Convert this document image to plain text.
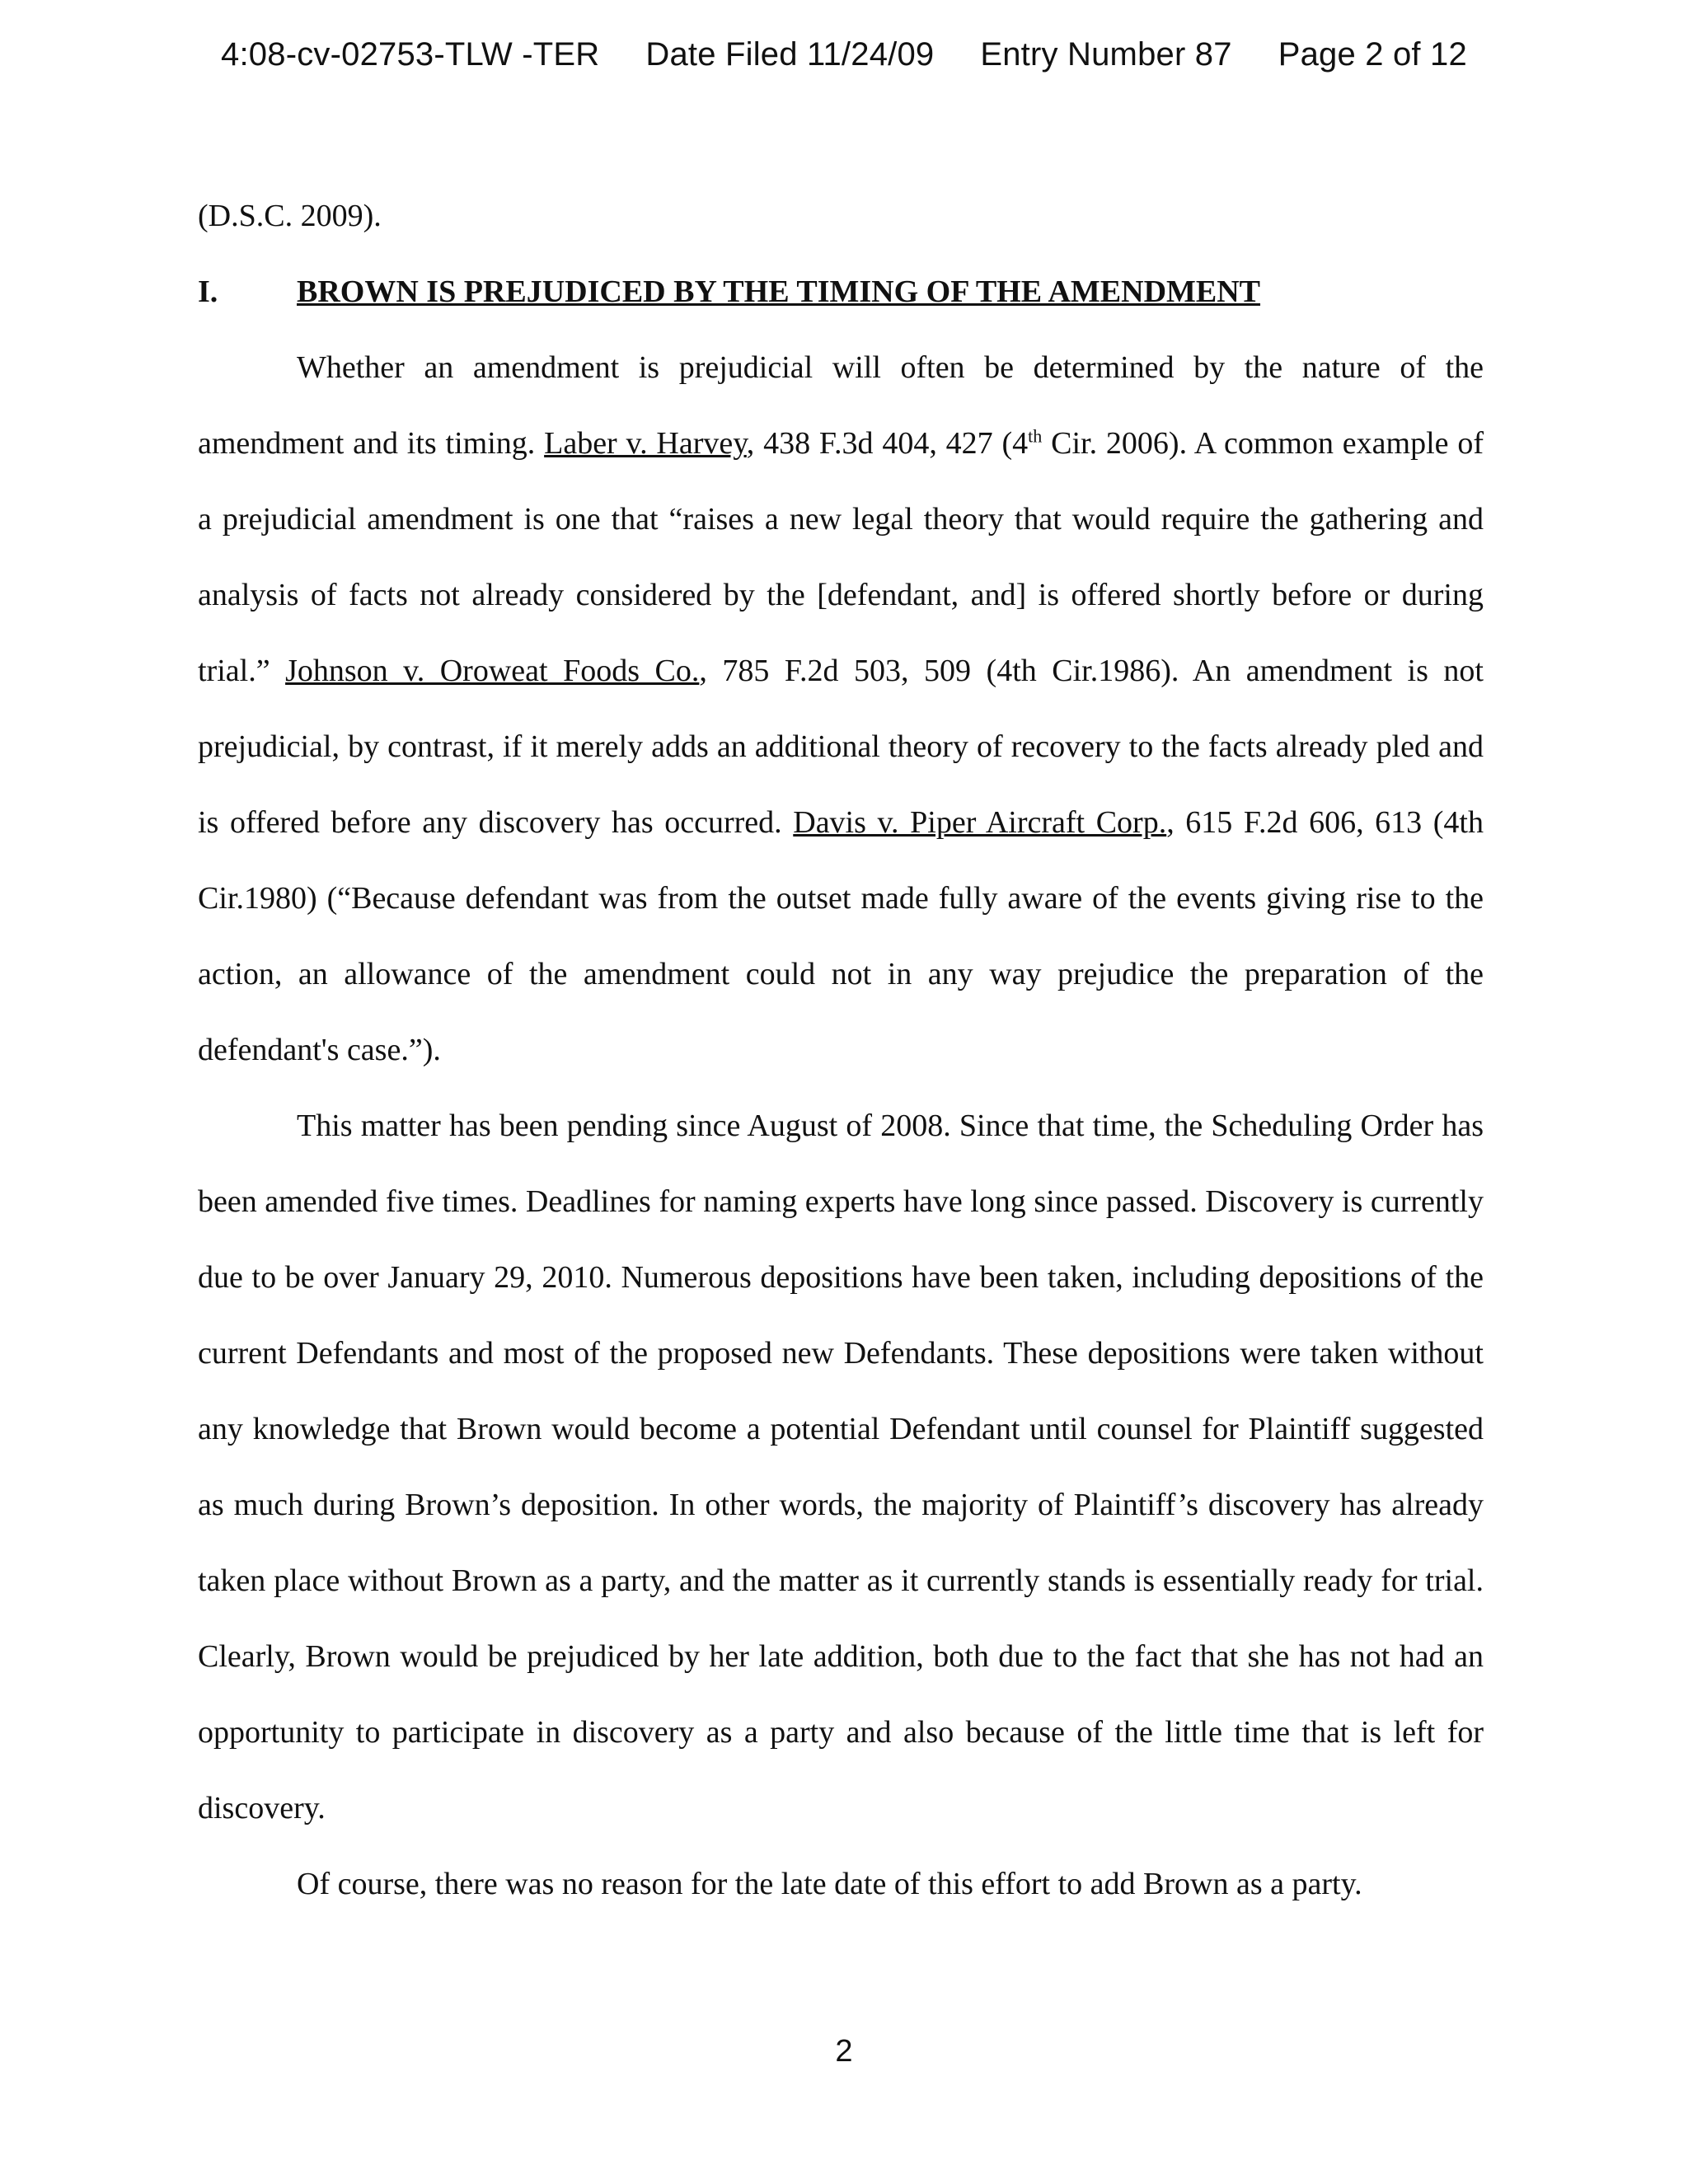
4:08-cv-02753-TLW -TER Date Filed 11/24/09 Entry Number 87 Page 2 of 12

(D.S.C. 2009).

I.	BROWN IS PREJUDICED BY THE TIMING OF THE AMENDMENT

Whether an amendment is prejudicial will often be determined by the nature of the amendment and its timing. Laber v. Harvey, 438 F.3d 404, 427 (4th Cir. 2006). A common example of a prejudicial amendment is one that “raises a new legal theory that would require the gathering and analysis of facts not already considered by the [defendant, and] is offered shortly before or during trial.” Johnson v. Oroweat Foods Co., 785 F.2d 503, 509 (4th Cir.1986). An amendment is not prejudicial, by contrast, if it merely adds an additional theory of recovery to the facts already pled and is offered before any discovery has occurred. Davis v. Piper Aircraft Corp., 615 F.2d 606, 613 (4th Cir.1980) (“Because defendant was from the outset made fully aware of the events giving rise to the action, an allowance of the amendment could not in any way prejudice the preparation of the defendant's case.”).

This matter has been pending since August of 2008. Since that time, the Scheduling Order has been amended five times. Deadlines for naming experts have long since passed. Discovery is currently due to be over January 29, 2010. Numerous depositions have been taken, including depositions of the current Defendants and most of the proposed new Defendants. These depositions were taken without any knowledge that Brown would become a potential Defendant until counsel for Plaintiff suggested as much during Brown’s deposition. In other words, the majority of Plaintiff’s discovery has already taken place without Brown as a party, and the matter as it currently stands is essentially ready for trial. Clearly, Brown would be prejudiced by her late addition, both due to the fact that she has not had an opportunity to participate in discovery as a party and also because of the little time that is left for discovery.

Of course, there was no reason for the late date of this effort to add Brown as a party.

2
